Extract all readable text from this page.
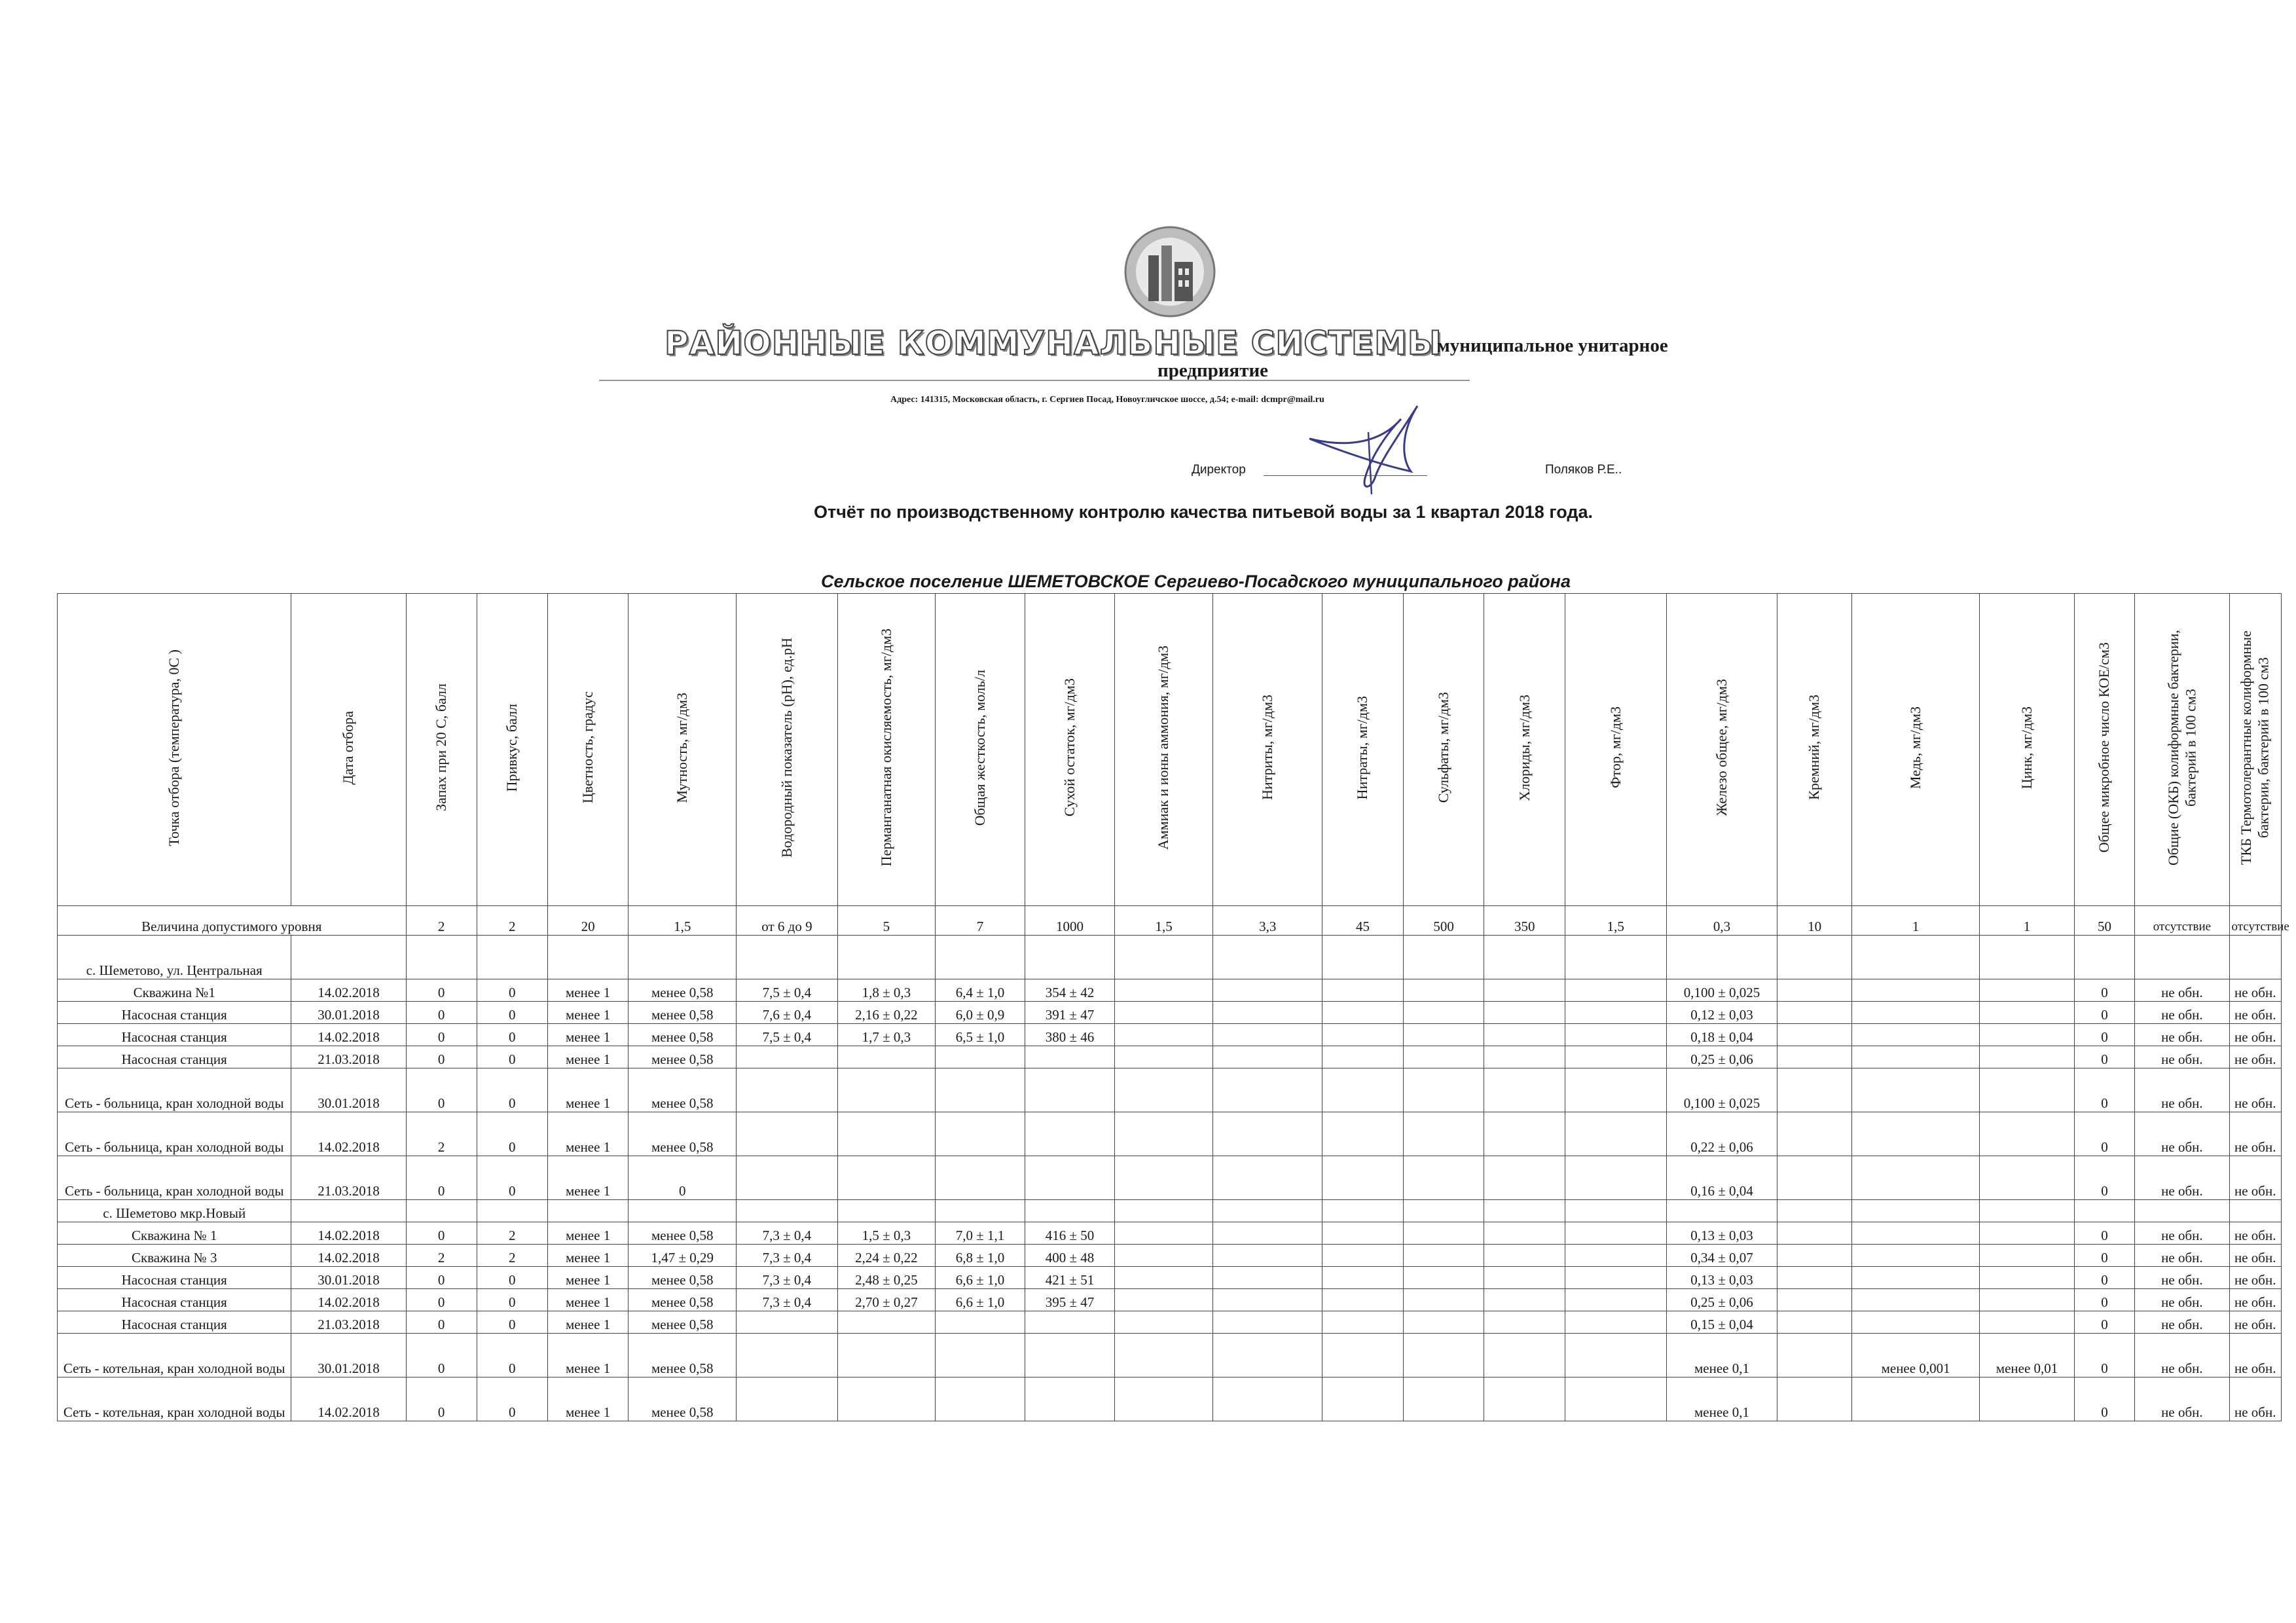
РАЙОННЫЕ КОММУНАЛЬНЫЕ СИСТЕМЫ
муниципальное унитарное
предприятие
Адрес: 141315, Московская область, г. Сергиев Посад, Новоугличское шоссе, д.54; e-mail: dcmpr@mail.ru
Директор	Поляков Р.Е..
Отчёт по производственному контролю качества питьевой воды за 1 квартал 2018 года.
Сельское поселение ШЕМЕТОВСКОЕ Сергиево-Посадского муниципального района
Точка отбора (температура, 0С )	Дата отбора	Запах при 20 С, балл	Привкус, балл	Цветность, градус	Мутность, мг/дм3	Водородный показатель (рН), ед.рН	Перманганатная окисляемость, мг/дм3	Общая жесткость, моль/л	Сухой остаток, мг/дм3	Аммиак и ионы аммония, мг/дм3	Нитриты, мг/дм3	Нитраты, мг/дм3	Сульфаты, мг/дм3	Хлориды, мг/дм3	Фтор, мг/дм3	Железо общее, мг/дм3	Кремний, мг/дм3	Медь, мг/дм3	Цинк, мг/дм3	Общее микробное число КОЕ/см3	Общие (ОКБ) колиформные бактерии, бактерий в 100 см3	ТКБ Термотолерантные колиформные бактерии, бактерий в 100 см3
Величина допустимого уровня		2	2	20	1,5	от 6 до 9	5	7	1000	1,5	3,3	45	500	350	1,5	0,3	10	1	1	50	отсутствие	отсутствие
с. Шеметово, ул. Центральная																						
Скважина №1	14.02.2018	0	0	менее 1	менее 0,58	7,5 ± 0,4	1,8 ± 0,3	6,4 ± 1,0	354 ± 42							0,100 ± 0,025				0	не обн.	не обн.
Насосная станция	30.01.2018	0	0	менее 1	менее 0,58	7,6 ± 0,4	2,16 ± 0,22	6,0 ± 0,9	391 ± 47							0,12 ± 0,03				0	не обн.	не обн.
Насосная станция	14.02.2018	0	0	менее 1	менее 0,58	7,5 ± 0,4	1,7 ± 0,3	6,5 ± 1,0	380 ± 46							0,18 ± 0,04				0	не обн.	не обн.
Насосная станция	21.03.2018	0	0	менее 1	менее 0,58											0,25 ± 0,06				0	не обн.	не обн.
Сеть - больница, кран холодной воды	30.01.2018	0	0	менее 1	менее 0,58											0,100 ± 0,025				0	не обн.	не обн.
Сеть - больница, кран холодной воды	14.02.2018	2	0	менее 1	менее 0,58											0,22 ± 0,06				0	не обн.	не обн.
Сеть - больница, кран холодной воды	21.03.2018	0	0	менее 1	0											0,16 ± 0,04				0	не обн.	не обн.
с. Шеметово мкр.Новый																						
Скважина № 1	14.02.2018	0	2	менее 1	менее 0,58	7,3 ± 0,4	1,5 ± 0,3	7,0 ± 1,1	416 ± 50							0,13 ± 0,03				0	не обн.	не обн.
Скважина № 3	14.02.2018	2	2	менее 1	1,47 ± 0,29	7,3 ± 0,4	2,24 ± 0,22	6,8 ± 1,0	400 ± 48							0,34 ± 0,07				0	не обн.	не обн.
Насосная станция	30.01.2018	0	0	менее 1	менее 0,58	7,3 ± 0,4	2,48 ± 0,25	6,6 ± 1,0	421 ± 51							0,13 ± 0,03				0	не обн.	не обн.
Насосная станция	14.02.2018	0	0	менее 1	менее 0,58	7,3 ± 0,4	2,70 ± 0,27	6,6 ± 1,0	395 ± 47							0,25 ± 0,06				0	не обн.	не обн.
Насосная станция	21.03.2018	0	0	менее 1	менее 0,58											0,15 ± 0,04				0	не обн.	не обн.
Сеть - котельная, кран холодной воды	30.01.2018	0	0	менее 1	менее 0,58											менее 0,1		менее 0,001	менее 0,01	0	не обн.	не обн.
Сеть - котельная, кран холодной воды	14.02.2018	0	0	менее 1	менее 0,58											менее 0,1				0	не обн.	не обн.
